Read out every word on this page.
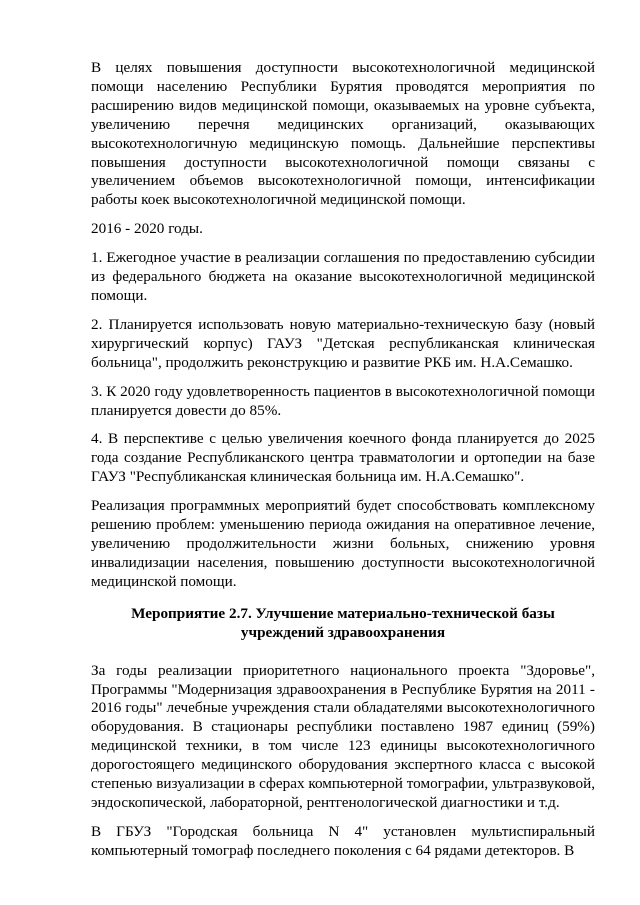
В целях повышения доступности высокотехнологичной медицинской помощи населению Республики Бурятия проводятся мероприятия по расширению видов медицинской помощи, оказываемых на уровне субъекта, увеличению перечня медицинских организаций, оказывающих высокотехнологичную медицинскую помощь. Дальнейшие перспективы повышения доступности высокотехнологичной помощи связаны с увеличением объемов высокотехнологичной помощи, интенсификации работы коек высокотехнологичной медицинской помощи.

2016 - 2020 годы.

1. Ежегодное участие в реализации соглашения по предоставлению субсидии из федерального бюджета на оказание высокотехнологичной медицинской помощи.

2. Планируется использовать новую материально-техническую базу (новый хирургический корпус) ГАУЗ "Детская республиканская клиническая больница", продолжить реконструкцию и развитие РКБ им. Н.А.Семашко.

3. К 2020 году удовлетворенность пациентов в высокотехнологичной помощи планируется довести до 85%.

4. В перспективе с целью увеличения коечного фонда планируется до 2025 года создание Республиканского центра травматологии и ортопедии на базе ГАУЗ "Республиканская клиническая больница им. Н.А.Семашко".

Реализация программных мероприятий будет способствовать комплексному решению проблем: уменьшению периода ожидания на оперативное лечение, увеличению продолжительности жизни больных, снижению уровня инвалидизации населения, повышению доступности высокотехнологичной медицинской помощи.

Мероприятие 2.7. Улучшение материально-технической базы
учреждений здравоохранения

За годы реализации приоритетного национального проекта "Здоровье", Программы "Модернизация здравоохранения в Республике Бурятия на 2011 - 2016 годы" лечебные учреждения стали обладателями высокотехнологичного оборудования. В стационары республики поставлено 1987 единиц (59%) медицинской техники, в том числе 123 единицы высокотехнологичного дорогостоящего медицинского оборудования экспертного класса с высокой степенью визуализации в сферах компьютерной томографии, ультразвуковой, эндоскопической, лабораторной, рентгенологической диагностики и т.д.

В ГБУЗ "Городская больница N 4" установлен мультиспиральный компьютерный томограф последнего поколения с 64 рядами детекторов. В
